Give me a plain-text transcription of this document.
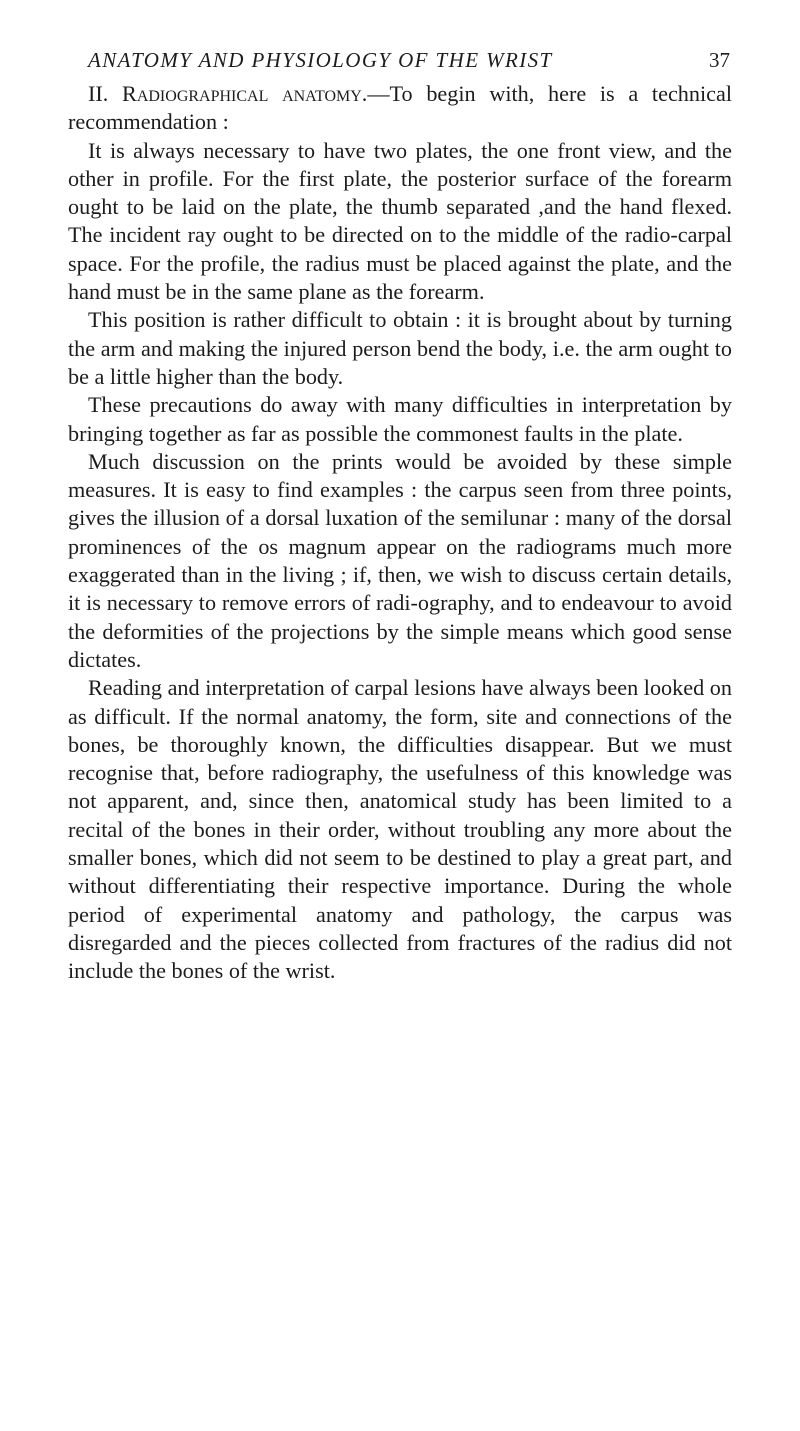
ANATOMY AND PHYSIOLOGY OF THE WRIST	37

II. Radiographical anatomy.—To begin with, here is a technical recommendation :

It is always necessary to have two plates, the one front view, and the other in profile. For the first plate, the posterior surface of the forearm ought to be laid on the plate, the thumb separated ,and the hand flexed. The incident ray ought to be directed on to the middle of the radio-carpal space. For the profile, the radius must be placed against the plate, and the hand must be in the same plane as the forearm.

This position is rather difficult to obtain : it is brought about by turning the arm and making the injured person bend the body, i.e. the arm ought to be a little higher than the body.

These precautions do away with many difficulties in interpretation by bringing together as far as possible the commonest faults in the plate.

Much discussion on the prints would be avoided by these simple measures. It is easy to find examples : the carpus seen from three points, gives the illusion of a dorsal luxation of the semilunar : many of the dorsal prominences of the os magnum appear on the radiograms much more exaggerated than in the living ; if, then, we wish to discuss certain details, it is necessary to remove errors of radi-ography, and to endeavour to avoid the deformities of the projections by the simple means which good sense dictates.

Reading and interpretation of carpal lesions have always been looked on as difficult. If the normal anatomy, the form, site and connections of the bones, be thoroughly known, the difficulties disappear. But we must recognise that, before radiography, the usefulness of this knowledge was not apparent, and, since then, anatomical study has been limited to a recital of the bones in their order, without troubling any more about the smaller bones, which did not seem to be destined to play a great part, and without differentiating their respective importance. During the whole period of experimental anatomy and pathology, the carpus was disregarded and the pieces collected from fractures of the radius did not include the bones of the wrist.
